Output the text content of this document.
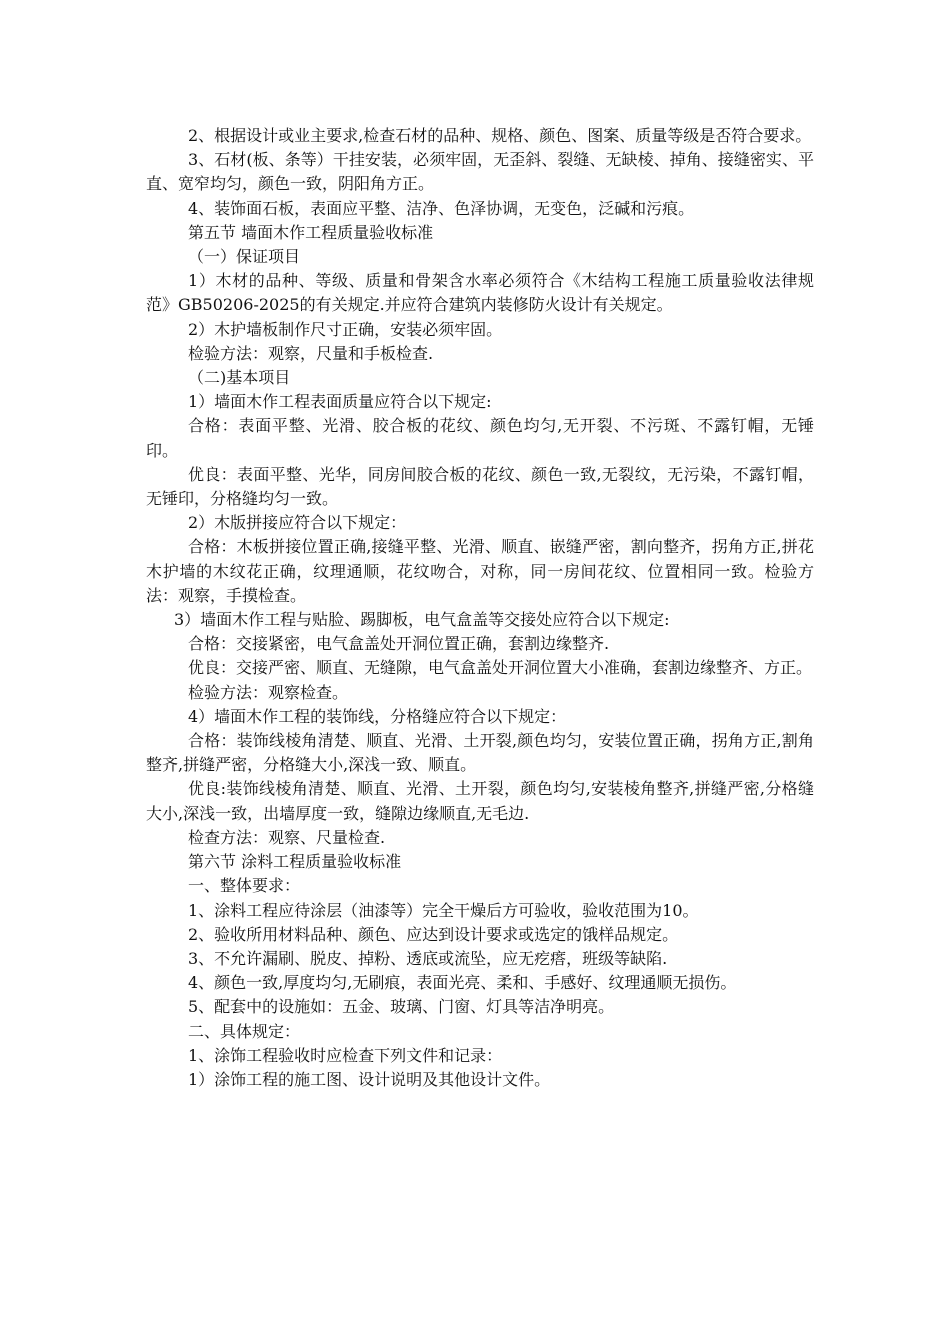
2、根据设计或业主要求,检查石材的品种、规格、颜色、图案、质量等级是否符合要求。

3、石材(板、条等）干挂安装，必须牢固，无歪斜、裂缝、无缺棱、掉角、接缝密实、平直、宽窄均匀，颜色一致，阴阳角方正。

4、装饰面石板，表面应平整、洁净、色泽协调，无变色，泛碱和污痕。

第五节 墙面木作工程质量验收标准

（一）保证项目

1）木材的品种、等级、质量和骨架含水率必须符合《木结构工程施工质量验收法律规范》GB50206-2025的有关规定.并应符合建筑内装修防火设计有关规定。

2）木护墙板制作尺寸正确，安装必须牢固。

检验方法：观察，尺量和手板检查.

（二)基本项目

1）墙面木作工程表面质量应符合以下规定:

合格：表面平整、光滑、胶合板的花纹、颜色均匀,无开裂、不污斑、不露钉帽，无锤印。

优良：表面平整、光华，同房间胶合板的花纹、颜色一致,无裂纹，无污染，不露钉帽，无锤印，分格缝均匀一致。

2）木版拼接应符合以下规定：

合格：木板拼接位置正确,接缝平整、光滑、顺直、嵌缝严密，割向整齐，拐角方正,拼花木护墙的木纹花正确，纹理通顺，花纹吻合，对称，同一房间花纹、位置相同一致。检验方法：观察，手摸检查。

3）墙面木作工程与贴脸、踢脚板，电气盒盖等交接处应符合以下规定:

合格：交接紧密，电气盒盖处开洞位置正确，套割边缘整齐.

优良：交接严密、顺直、无缝隙，电气盒盖处开洞位置大小准确，套割边缘整齐、方正。

检验方法：观察检查。

4）墙面木作工程的装饰线，分格缝应符合以下规定：

合格：装饰线棱角清楚、顺直、光滑、土开裂,颜色均匀，安装位置正确，拐角方正,割角整齐,拼缝严密，分格缝大小,深浅一致、顺直。

优良:装饰线棱角清楚、顺直、光滑、土开裂，颜色均匀,安装棱角整齐,拼缝严密,分格缝大小,深浅一致，出墙厚度一致，缝隙边缘顺直,无毛边.

检查方法：观察、尺量检查.

第六节 涂料工程质量验收标准

一、整体要求：

1、涂料工程应待涂层（油漆等）完全干燥后方可验收，验收范围为10。

2、验收所用材料品种、颜色、应达到设计要求或选定的饿样品规定。

3、不允许漏刷、脱皮、掉粉、透底或流坠，应无疙瘩，班级等缺陷.

4、颜色一致,厚度均匀,无刷痕，表面光亮、柔和、手感好、纹理通顺无损伤。

5、配套中的设施如：五金、玻璃、门窗、灯具等洁净明亮。

二、具体规定：

1、涂饰工程验收时应检查下列文件和记录：

1）涂饰工程的施工图、设计说明及其他设计文件。
